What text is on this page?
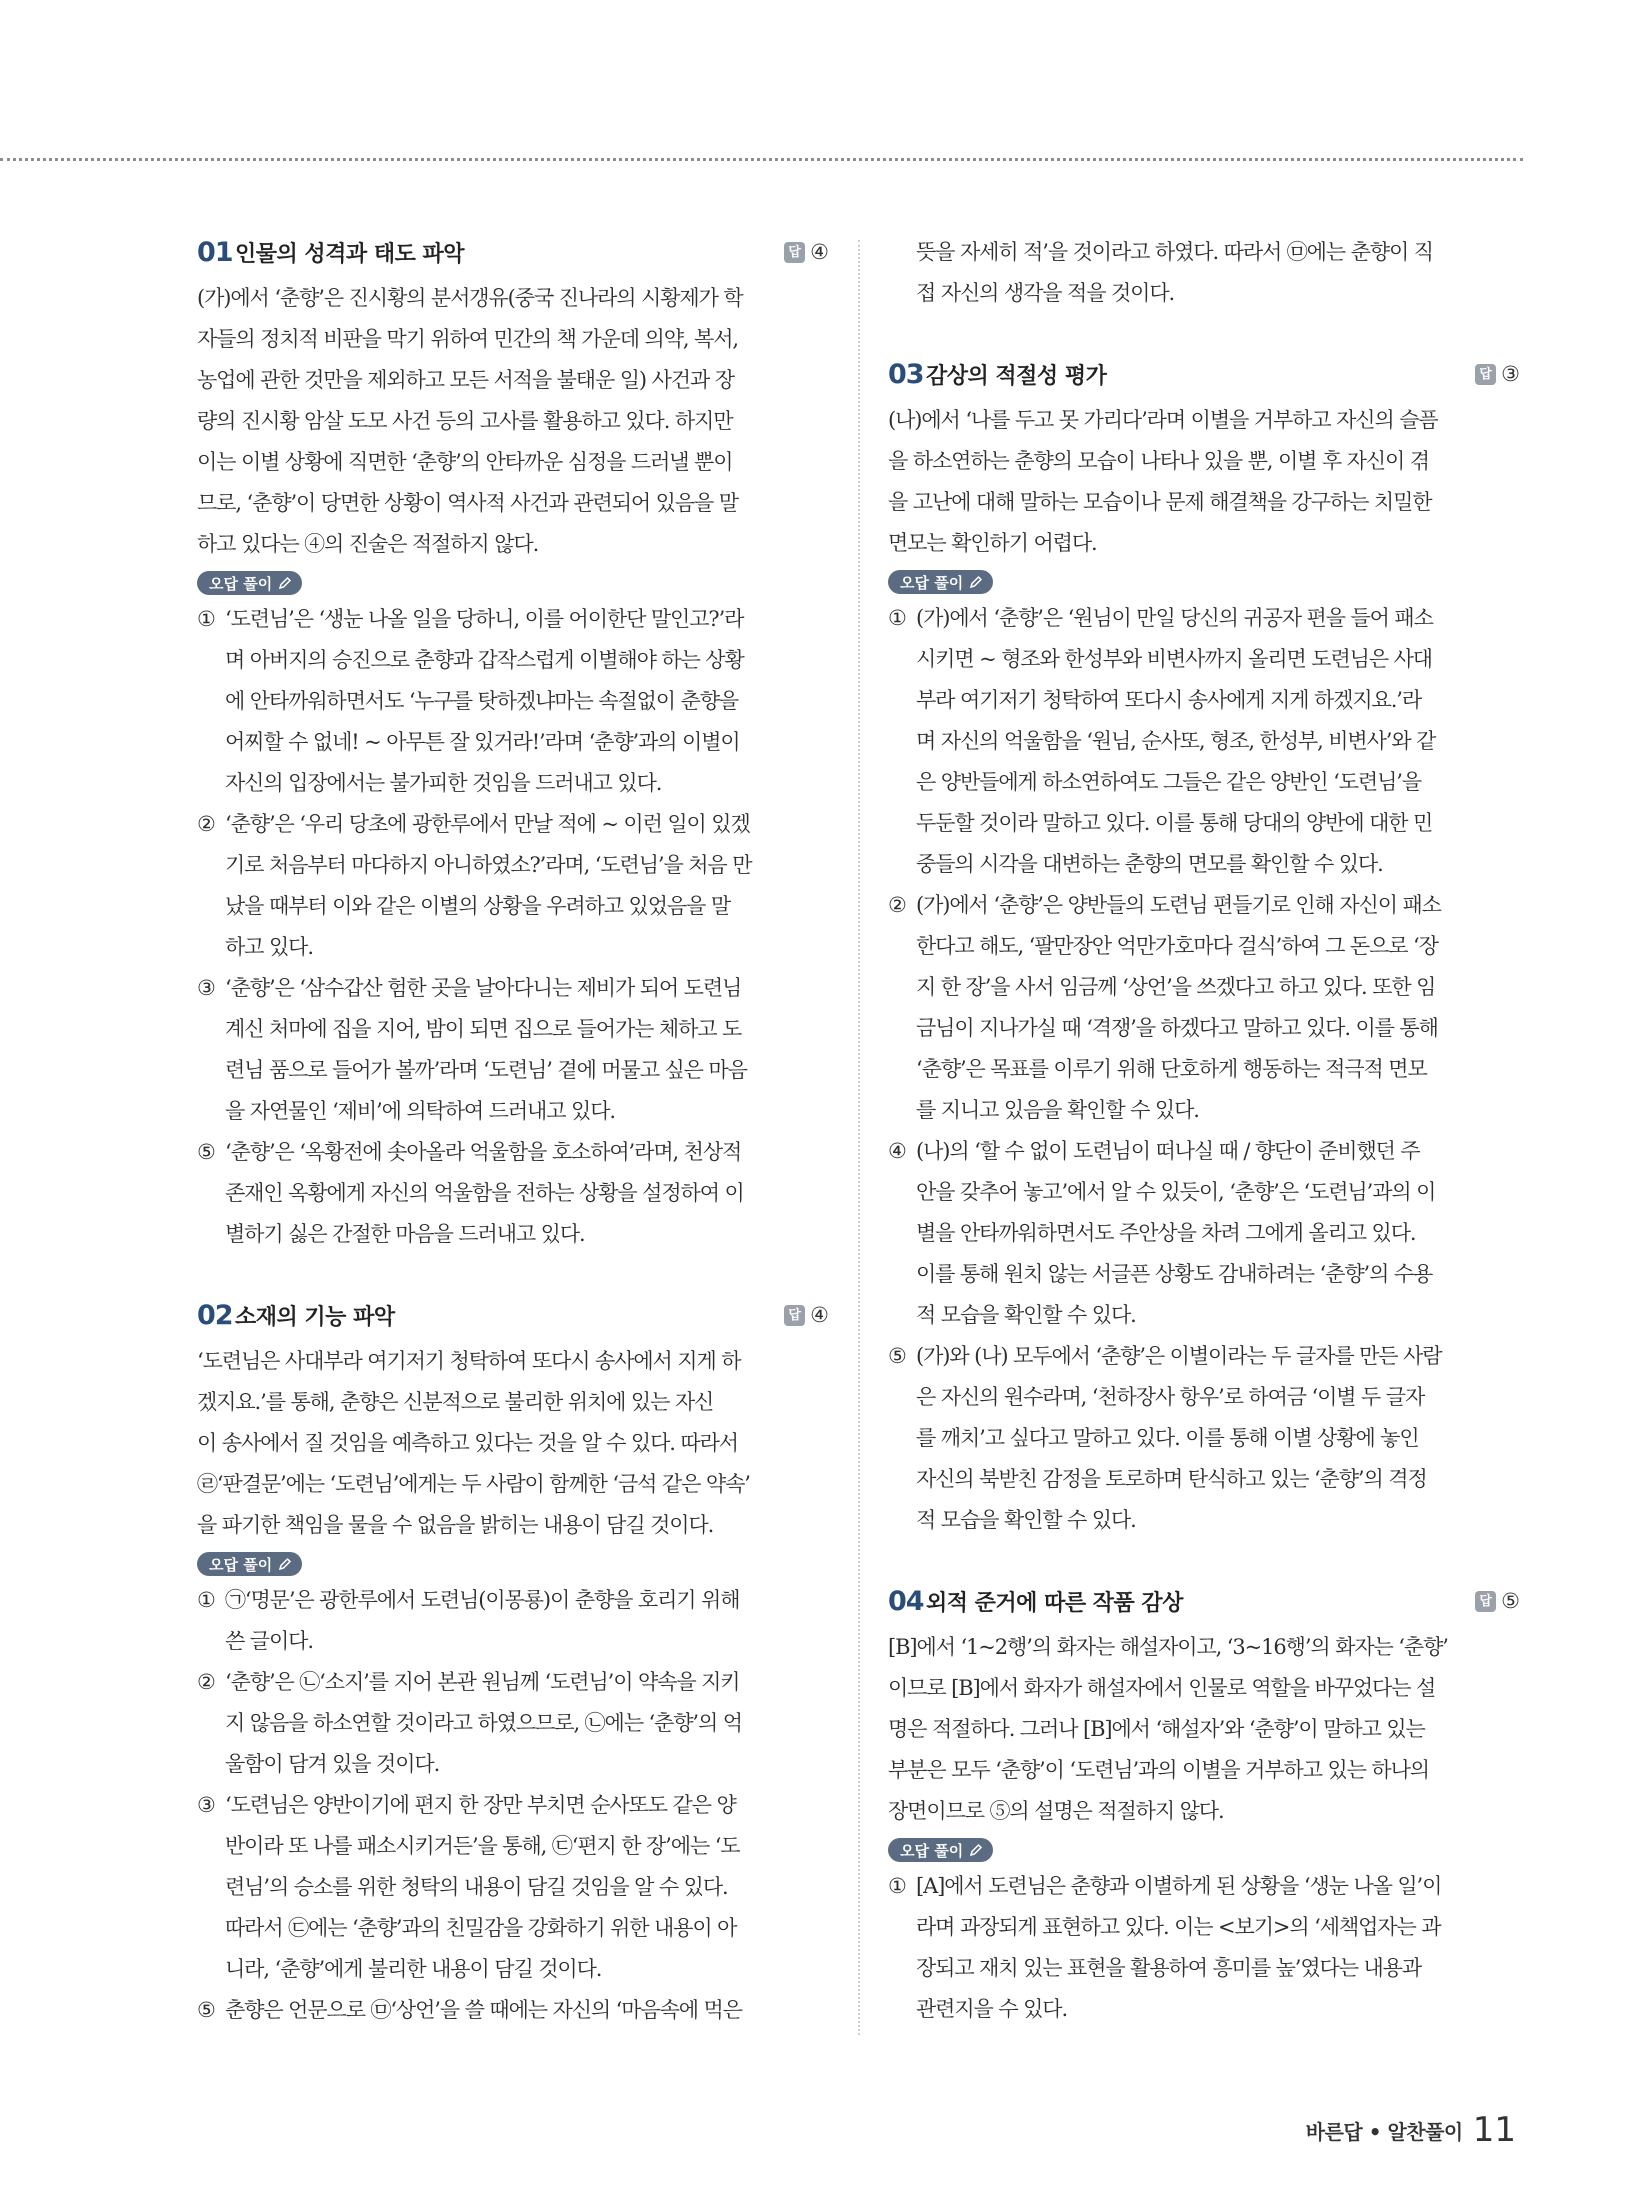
01 인물의 성격과 태도 파악	답 ④
(가)에서 ‘춘향’은 진시황의 분서갱유(중국 진나라의 시황제가 학
자들의 정치적 비판을 막기 위하여 민간의 책 가운데 의약, 복서,
농업에 관한 것만을 제외하고 모든 서적을 불태운 일) 사건과 장
량의 진시황 암살 도모 사건 등의 고사를 활용하고 있다. 하지만
이는 이별 상황에 직면한 ‘춘향’의 안타까운 심정을 드러낼 뿐이
므로, ‘춘향’이 당면한 상황이 역사적 사건과 관련되어 있음을 말
하고 있다는 ④의 진술은 적절하지 않다.
오답 풀이
① ‘도련님’은 ‘생눈 나올 일을 당하니, 이를 어이한단 말인고?’라
며 아버지의 승진으로 춘향과 갑작스럽게 이별해야 하는 상황
에 안타까워하면서도 ‘누구를 탓하겠냐마는 속절없이 춘향을
어찌할 수 없네! ~ 아무튼 잘 있거라!’라며 ‘춘향’과의 이별이
자신의 입장에서는 불가피한 것임을 드러내고 있다.
② ‘춘향’은 ‘우리 당초에 광한루에서 만날 적에 ~ 이런 일이 있겠
기로 처음부터 마다하지 아니하였소?’라며, ‘도련님’을 처음 만
났을 때부터 이와 같은 이별의 상황을 우려하고 있었음을 말
하고 있다.
③ ‘춘향’은 ‘삼수갑산 험한 곳을 날아다니는 제비가 되어 도련님
계신 처마에 집을 지어, 밤이 되면 집으로 들어가는 체하고 도
련님 품으로 들어가 볼까’라며 ‘도련님’ 곁에 머물고 싶은 마음
을 자연물인 ‘제비’에 의탁하여 드러내고 있다.
⑤ ‘춘향’은 ‘옥황전에 솟아올라 억울함을 호소하여’라며, 천상적
존재인 옥황에게 자신의 억울함을 전하는 상황을 설정하여 이
별하기 싫은 간절한 마음을 드러내고 있다.
02 소재의 기능 파악	답 ④
‘도련님은 사대부라 여기저기 청탁하여 또다시 송사에서 지게 하
겠지요.’를 통해, 춘향은 신분적으로 불리한 위치에 있는 자신
이 송사에서 질 것임을 예측하고 있다는 것을 알 수 있다. 따라서
㉣‘판결문’에는 ‘도련님’에게는 두 사람이 함께한 ‘금석 같은 약속’
을 파기한 책임을 물을 수 없음을 밝히는 내용이 담길 것이다.
오답 풀이
① ㉠‘명문’은 광한루에서 도련님(이몽룡)이 춘향을 호리기 위해
쓴 글이다.
② ‘춘향’은 ㉡‘소지’를 지어 본관 원님께 ‘도련님’이 약속을 지키
지 않음을 하소연할 것이라고 하였으므로, ㉡에는 ‘춘향’의 억
울함이 담겨 있을 것이다.
③ ‘도련님은 양반이기에 편지 한 장만 부치면 순사또도 같은 양
반이라 또 나를 패소시키거든’을 통해, ㉢‘편지 한 장’에는 ‘도
련님’의 승소를 위한 청탁의 내용이 담길 것임을 알 수 있다.
따라서 ㉢에는 ‘춘향’과의 친밀감을 강화하기 위한 내용이 아
니라, ‘춘향’에게 불리한 내용이 담길 것이다.
⑤ 춘향은 언문으로 ㉤‘상언’을 쓸 때에는 자신의 ‘마음속에 먹은
뜻을 자세히 적’을 것이라고 하였다. 따라서 ㉤에는 춘향이 직
접 자신의 생각을 적을 것이다.
03 감상의 적절성 평가	답 ③
(나)에서 ‘나를 두고 못 가리다’라며 이별을 거부하고 자신의 슬픔
을 하소연하는 춘향의 모습이 나타나 있을 뿐, 이별 후 자신이 겪
을 고난에 대해 말하는 모습이나 문제 해결책을 강구하는 치밀한
면모는 확인하기 어렵다.
오답 풀이
① (가)에서 ‘춘향’은 ‘원님이 만일 당신의 귀공자 편을 들어 패소
시키면 ~ 형조와 한성부와 비변사까지 올리면 도련님은 사대
부라 여기저기 청탁하여 또다시 송사에게 지게 하겠지요.’라
며 자신의 억울함을 ‘원님, 순사또, 형조, 한성부, 비변사’와 같
은 양반들에게 하소연하여도 그들은 같은 양반인 ‘도련님’을
두둔할 것이라 말하고 있다. 이를 통해 당대의 양반에 대한 민
중들의 시각을 대변하는 춘향의 면모를 확인할 수 있다.
② (가)에서 ‘춘향’은 양반들의 도련님 편들기로 인해 자신이 패소
한다고 해도, ‘팔만장안 억만가호마다 걸식’하여 그 돈으로 ‘장
지 한 장’을 사서 임금께 ‘상언’을 쓰겠다고 하고 있다. 또한 임
금님이 지나가실 때 ‘격쟁’을 하겠다고 말하고 있다. 이를 통해
‘춘향’은 목표를 이루기 위해 단호하게 행동하는 적극적 면모
를 지니고 있음을 확인할 수 있다.
④ (나)의 ‘할 수 없이 도련님이 떠나실 때 / 향단이 준비했던 주
안을 갖추어 놓고’에서 알 수 있듯이, ‘춘향’은 ‘도련님’과의 이
별을 안타까워하면서도 주안상을 차려 그에게 올리고 있다.
이를 통해 원치 않는 서글픈 상황도 감내하려는 ‘춘향’의 수용
적 모습을 확인할 수 있다.
⑤ (가)와 (나) 모두에서 ‘춘향’은 이별이라는 두 글자를 만든 사람
은 자신의 원수라며, ‘천하장사 항우’로 하여금 ‘이별 두 글자
를 깨치’고 싶다고 말하고 있다. 이를 통해 이별 상황에 놓인
자신의 북받친 감정을 토로하며 탄식하고 있는 ‘춘향’의 격정
적 모습을 확인할 수 있다.
04 외적 준거에 따른 작품 감상	답 ⑤
[B]에서 ‘1~2행’의 화자는 해설자이고, ‘3~16행’의 화자는 ‘춘향’
이므로 [B]에서 화자가 해설자에서 인물로 역할을 바꾸었다는 설
명은 적절하다. 그러나 [B]에서 ‘해설자’와 ‘춘향’이 말하고 있는
부분은 모두 ‘춘향’이 ‘도련님’과의 이별을 거부하고 있는 하나의
장면이므로 ⑤의 설명은 적절하지 않다.
오답 풀이
① [A]에서 도련님은 춘향과 이별하게 된 상황을 ‘생눈 나올 일’이
라며 과장되게 표현하고 있다. 이는 <보기>의 ‘세책업자는 과
장되고 재치 있는 표현을 활용하여 흥미를 높’였다는 내용과
관련지을 수 있다.
바른답 • 알찬풀이 11
